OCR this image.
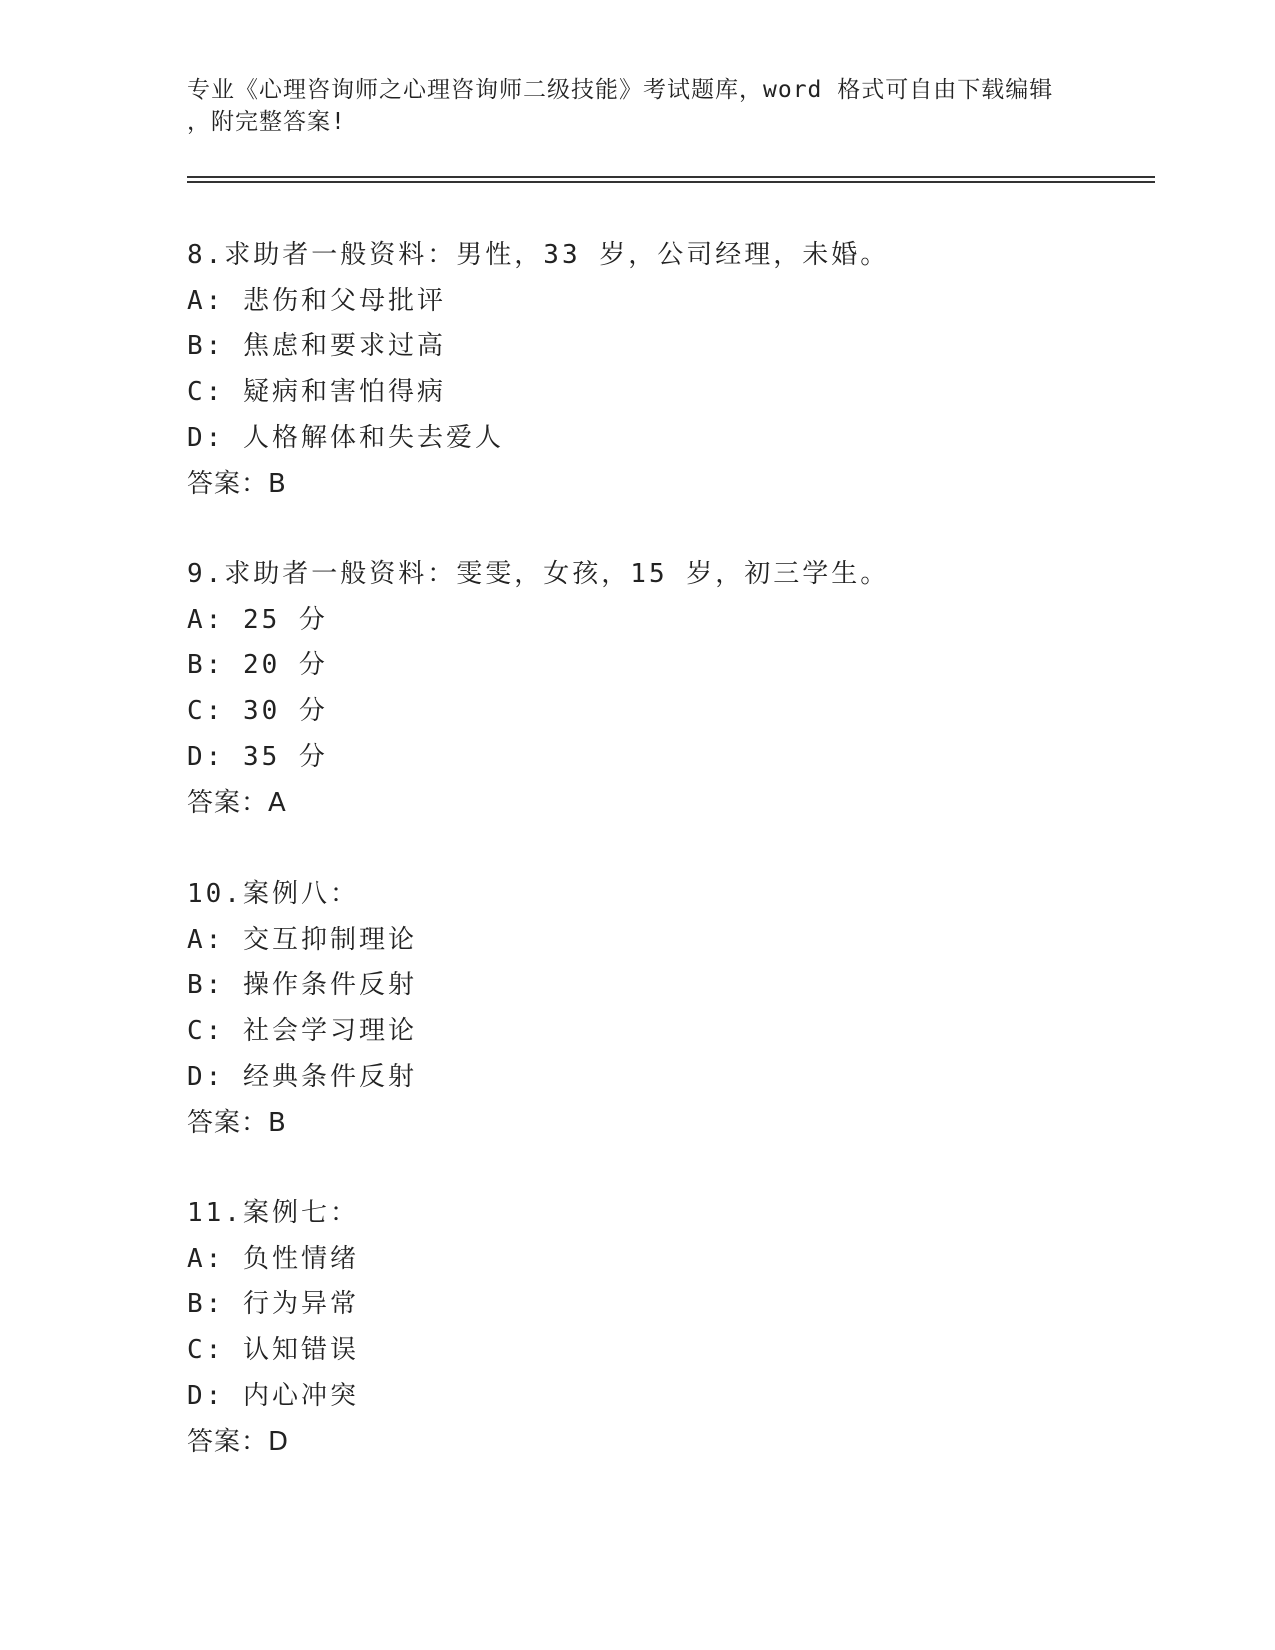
专业《心理咨询师之心理咨询师二级技能》考试题库，word 格式可自由下载编辑
，附完整答案!
8.求助者一般资料：男性，33 岁，公司经理，未婚。
A: 悲伤和父母批评
B: 焦虑和要求过高
C: 疑病和害怕得病
D: 人格解体和失去爱人
答案：B
9.求助者一般资料：雯雯，女孩，15 岁，初三学生。
A: 25 分
B: 20 分
C: 30 分
D: 35 分
答案：A
10.案例八：
A: 交互抑制理论
B: 操作条件反射
C: 社会学习理论
D: 经典条件反射
答案：B
11.案例七：
A: 负性情绪
B: 行为异常
C: 认知错误
D: 内心冲突
答案：D
